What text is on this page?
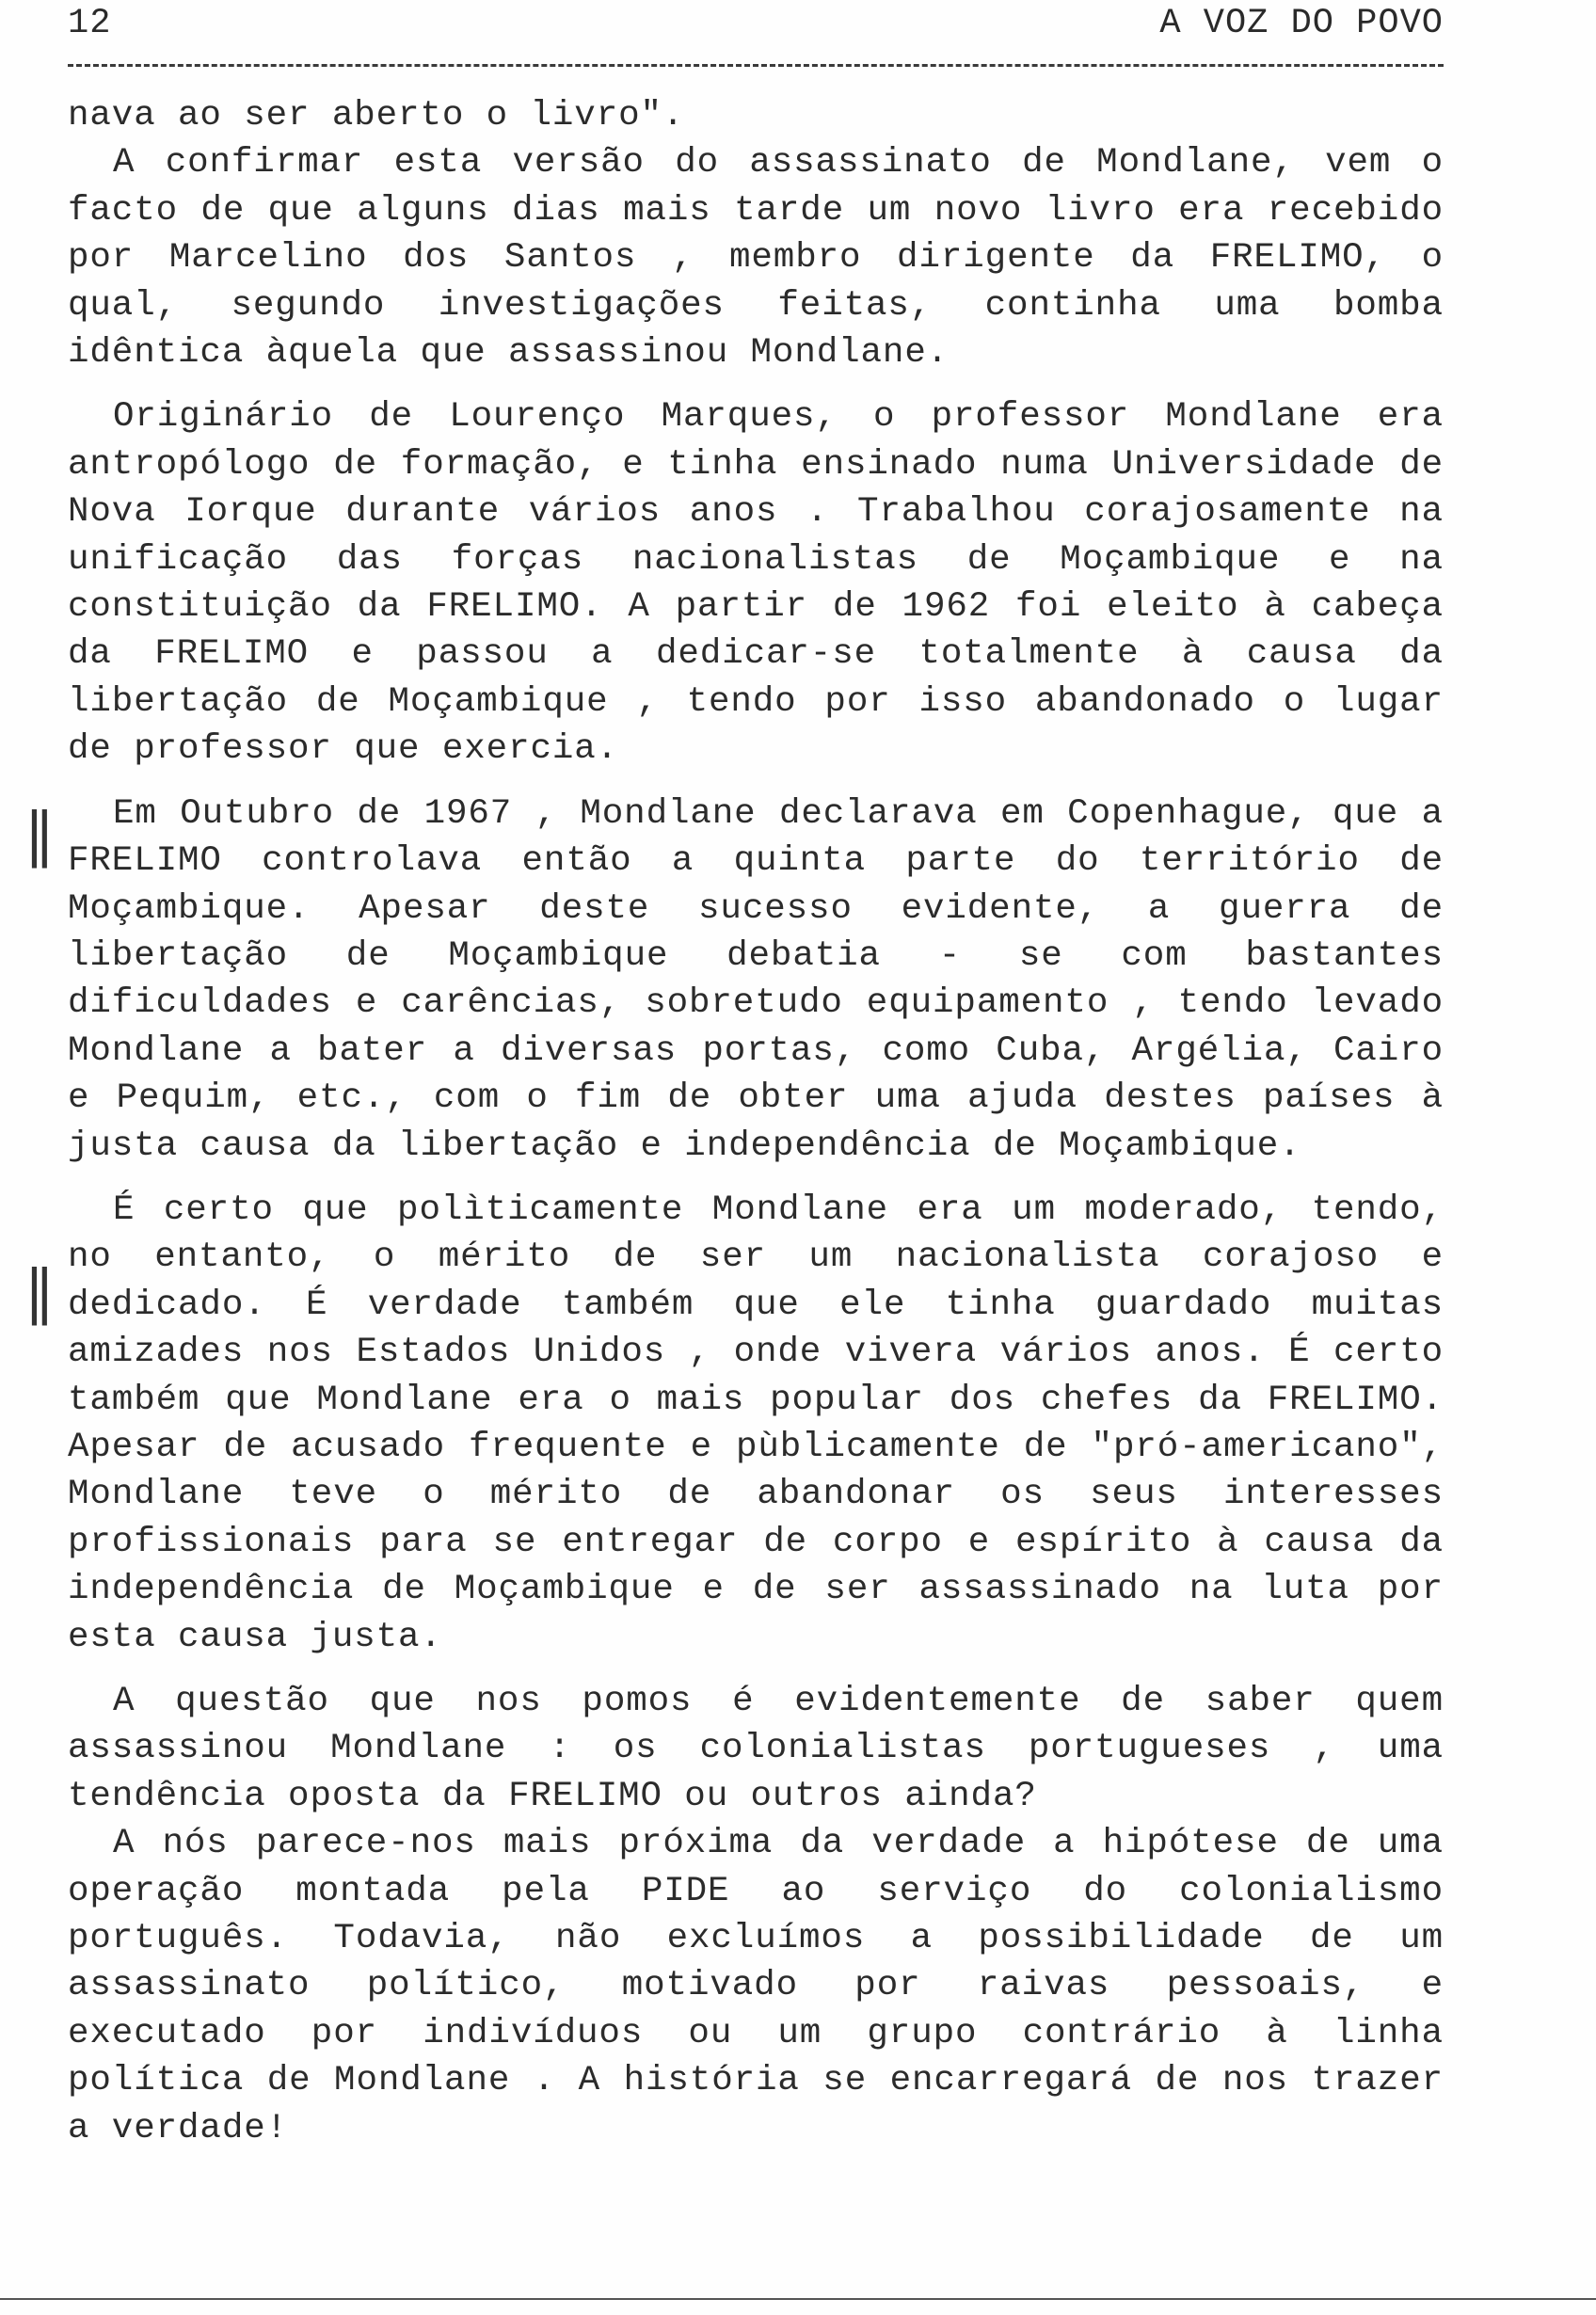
12	A VOZ DO POVO
||
||

nava ao ser aberto o livro".

A confirmar esta versão do assassinato de Mondlane, vem o facto de que alguns dias mais tarde um novo livro era recebido por Marcelino dos Santos , membro dirigente da FRELIMO, o qual, segundo investigações feitas, continha uma bomba idêntica àquela que assassinou Mondlane.

Originário de Lourenço Marques, o professor Mondlane era antropólogo de formação, e tinha ensinado numa Universidade de Nova Iorque durante vários anos . Trabalhou corajosamente na unificação das forças nacionalistas de Moçambique e na constituição da FRELIMO. A partir de 1962 foi eleito à cabeça da FRELIMO e passou a dedicar-se totalmente à causa da libertação de Moçambique , tendo por isso abandonado o lugar de professor que exercia.

Em Outubro de 1967 , Mondlane declarava em Copenhague, que a FRELIMO controlava então a quinta parte do território de Moçambique. Apesar deste sucesso evidente, a guerra de libertação de Moçambique debatia - se com bastantes dificuldades e carências, sobretudo equipamento , tendo levado Mondlane a bater a diversas portas, como Cuba, Argélia, Cairo e Pequim, etc., com o fim de obter uma ajuda destes países à justa causa da libertação e independência de Moçambique.

É certo que polìticamente Mondlane era um moderado, tendo, no entanto, o mérito de ser um nacionalista corajoso e dedicado. É verdade também que ele tinha guardado muitas amizades nos Estados Unidos , onde vivera vários anos. É certo também que Mondlane era o mais popular dos chefes da FRELIMO. Apesar de acusado frequente e pùblicamente de "pró-americano", Mondlane teve o mérito de abandonar os seus interesses profissionais para se entregar de corpo e espírito à causa da independência de Moçambique e de ser assassinado na luta por esta causa justa.

A questão que nos pomos é evidentemente de saber quem assassinou Mondlane : os colonialistas portugueses , uma tendência oposta da FRELIMO ou outros ainda?

A nós parece-nos mais próxima da verdade a hipótese de uma operação montada pela PIDE ao serviço do colonialismo português. Todavia, não excluímos a possibilidade de um assassinato político, motivado por raivas pessoais, e executado por indivíduos ou um grupo contrário à linha política de Mondlane . A história se encarregará de nos trazer a verdade!
